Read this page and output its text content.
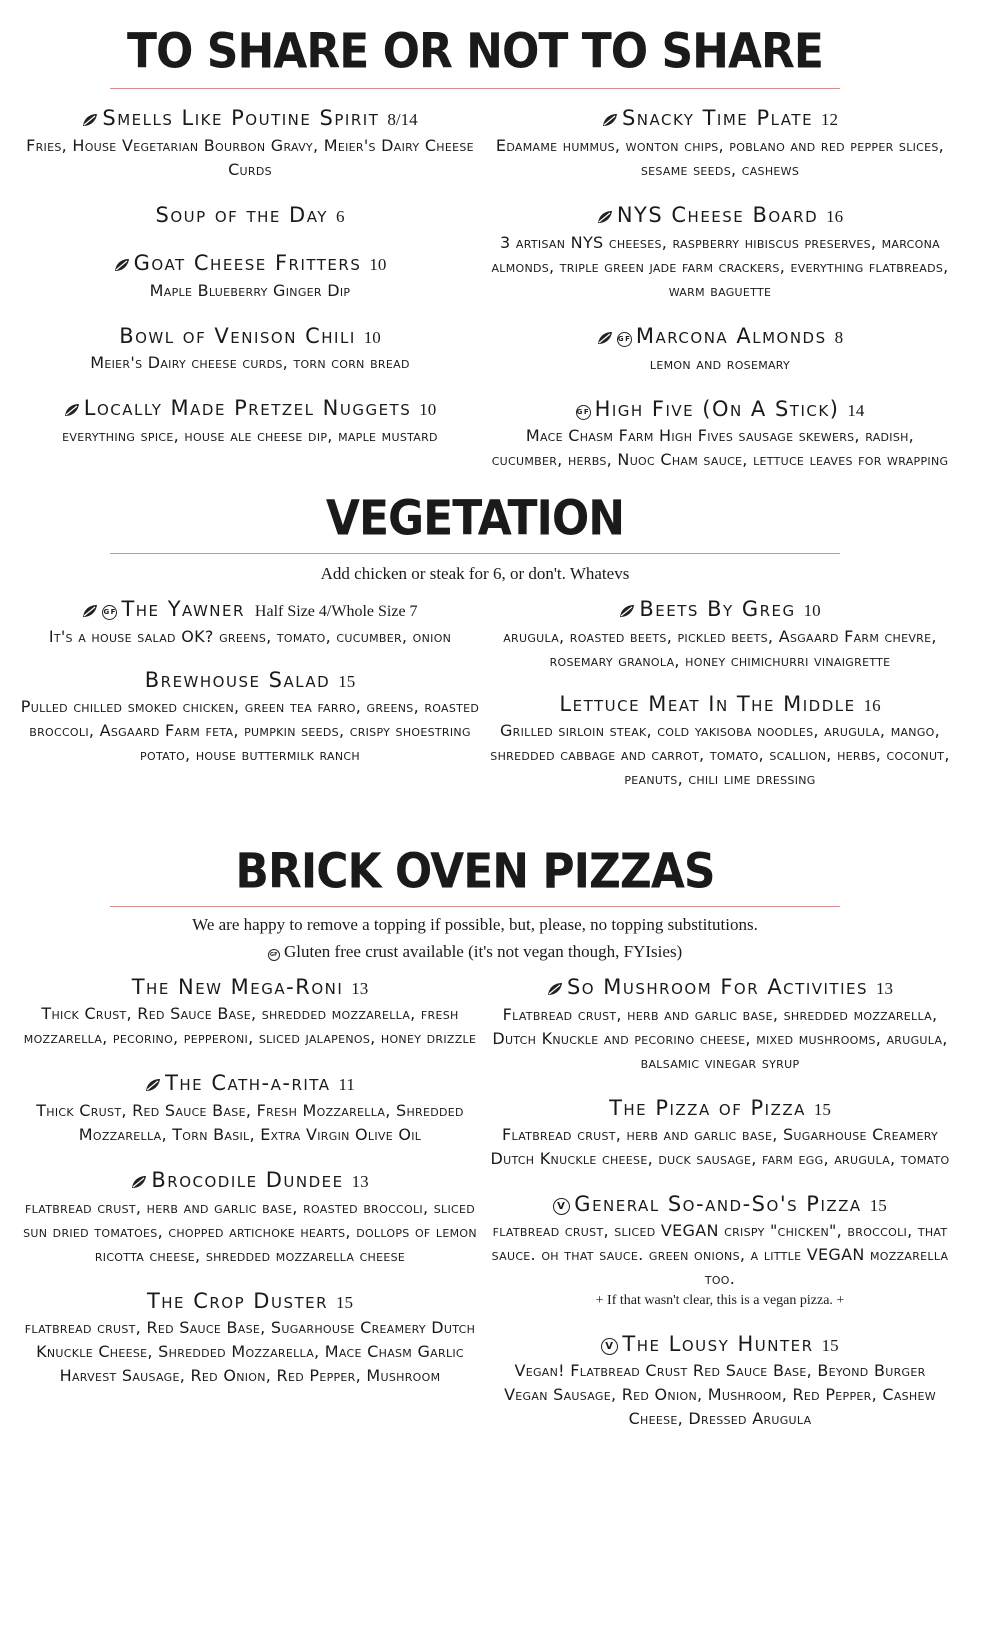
TO SHARE OR NOT TO SHARE
Smells Like Poutine Spirit 8/14
Fries, House Vegetarian Bourbon Gravy, Meier's Dairy Cheese Curds
Soup of the Day 6
Goat Cheese Fritters 10
Maple Blueberry Ginger Dip
Bowl of Venison Chili 10
Meier's Dairy cheese curds, torn corn bread
Locally Made Pretzel Nuggets 10
everything spice, house ale cheese dip, maple mustard
Snacky Time Plate 12
Edamame hummus, wonton chips, poblano and red pepper slices, sesame seeds, cashews
NYS Cheese Board 16
3 artisan NYS cheeses, raspberry hibiscus preserves, marcona almonds, triple green jade farm crackers, everything flatbreads, warm baguette
GF Marcona Almonds 8
lemon and rosemary
GF High Five (On A Stick) 14
Mace Chasm Farm High Fives sausage skewers, radish, cucumber, herbs, Nuoc Cham sauce, lettuce leaves for wrapping
VEGETATION
Add chicken or steak for 6, or don't. Whatevs
GF The Yawner Half Size 4/Whole Size 7
It's a house salad OK? greens, tomato, cucumber, onion
Brewhouse Salad 15
Pulled chilled smoked chicken, green tea farro, greens, roasted broccoli, Asgaard Farm feta, pumpkin seeds, crispy shoestring potato, house buttermilk ranch
Beets By Greg 10
arugula, roasted beets, pickled beets, Asgaard Farm chevre, rosemary granola, honey chimichurri vinaigrette
Lettuce Meat In The Middle 16
Grilled sirloin steak, cold yakisoba noodles, arugula, mango, shredded cabbage and carrot, tomato, scallion, herbs, coconut, peanuts, chili lime dressing
BRICK OVEN PIZZAS
We are happy to remove a topping if possible, but, please, no topping substitutions.
GF Gluten free crust available (it's not vegan though, FYIsies)
The New Mega-Roni 13
Thick Crust, Red Sauce Base, shredded mozzarella, fresh mozzarella, pecorino, pepperoni, sliced jalapenos, honey drizzle
The Cath-a-rita 11
Thick Crust, Red Sauce Base, Fresh Mozzarella, Shredded Mozzarella, Torn Basil, Extra Virgin Olive Oil
Brocodile Dundee 13
flatbread crust, herb and garlic base, roasted broccoli, sliced sun dried tomatoes, chopped artichoke hearts, dollops of lemon ricotta cheese, shredded mozzarella cheese
The Crop Duster 15
flatbread crust, Red Sauce Base, Sugarhouse Creamery Dutch Knuckle Cheese, Shredded Mozzarella, Mace Chasm Garlic Harvest Sausage, Red Onion, Red Pepper, Mushroom
So Mushroom For Activities 13
Flatbread crust, herb and garlic base, shredded mozzarella, Dutch Knuckle and pecorino cheese, mixed mushrooms, arugula, balsamic vinegar syrup
The Pizza of Pizza 15
Flatbread crust, herb and garlic base, Sugarhouse Creamery Dutch Knuckle cheese, duck sausage, farm egg, arugula, tomato
V General So-and-So's Pizza 15
flatbread crust, sliced VEGAN crispy "chicken", broccoli, that sauce. oh that sauce. green onions, a little VEGAN mozzarella too.
+ If that wasn't clear, this is a vegan pizza. +
V The Lousy Hunter 15
Vegan! Flatbread Crust Red Sauce Base, Beyond Burger Vegan Sausage, Red Onion, Mushroom, Red Pepper, Cashew Cheese, Dressed Arugula
